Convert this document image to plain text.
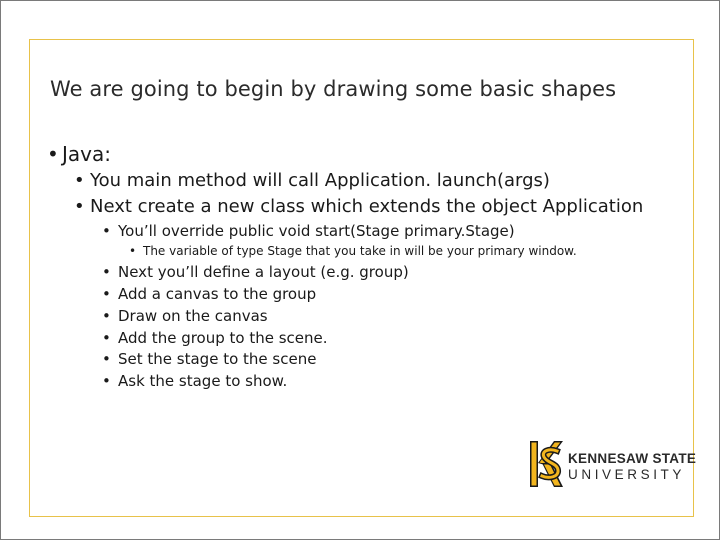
We are going to begin by drawing some basic shapes
• Java:
• You main method will call Application. launch(args)
• Next create a new class which extends the object Application
• You’ll override public void start(Stage primary.Stage)
• The variable of type Stage that you take in will be your primary window.
• Next you’ll define a layout (e.g. group)
• Add a canvas to the group
• Draw on the canvas
• Add the group to the scene.
• Set the stage to the scene
• Ask the stage to show.
KENNESAW STATE
UNIVERSITY
